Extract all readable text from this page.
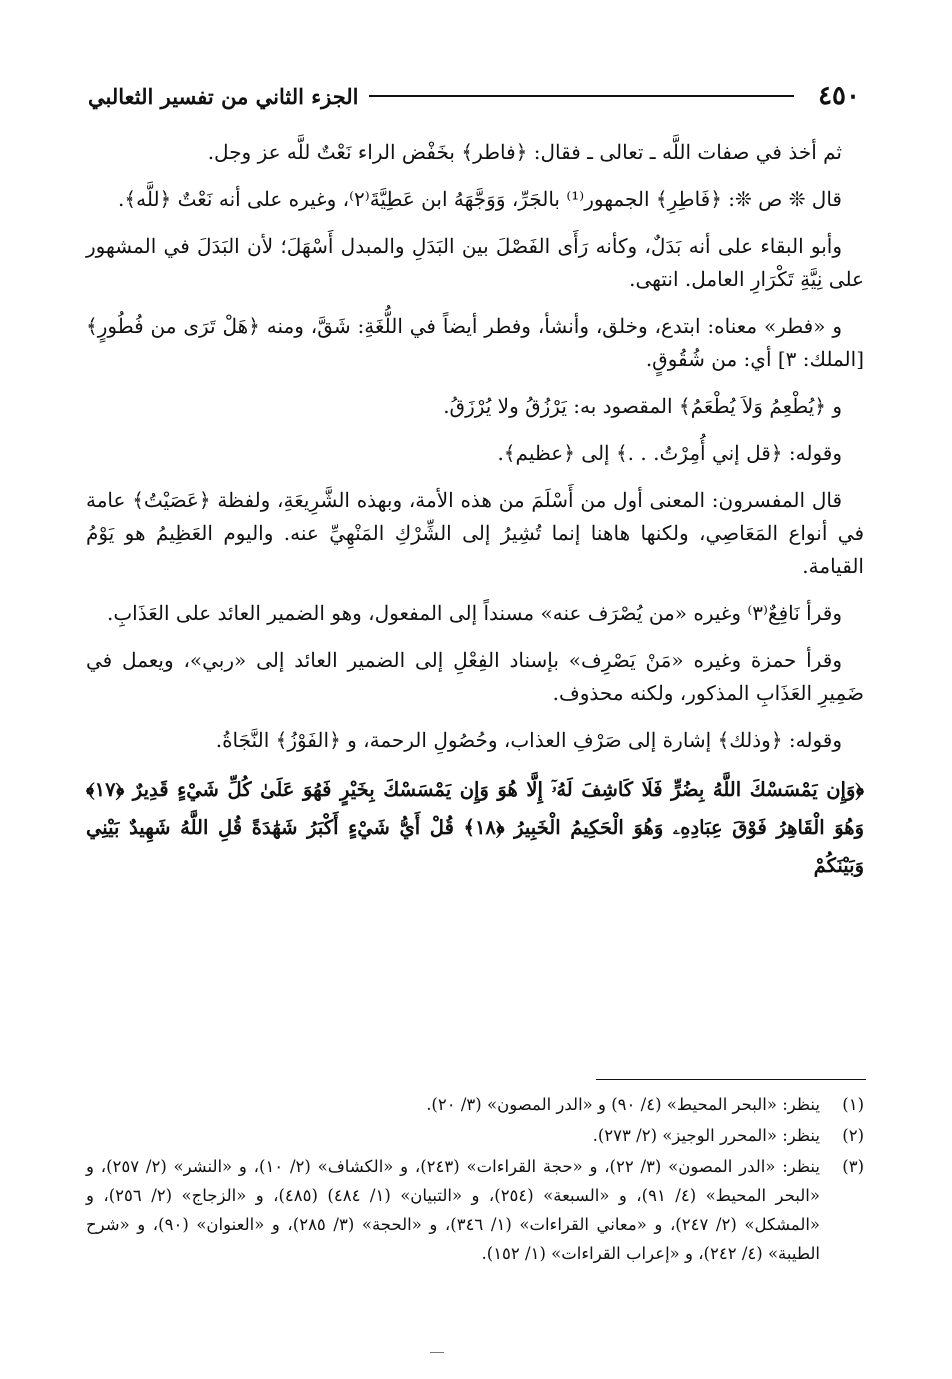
٤٥٠
الجزء الثاني من تفسير الثعالبي

ثم أخذ في صفات اللَّه ـ تعالى ـ فقال: ﴿فاطر﴾ بخَفْض الراء نَعْتٌ للَّه عز وجل.

قال ❊ ص ❊: ﴿فَاطِرِ﴾ الجمهور⁽¹⁾ بالجَرِّ، وَوَجَّهَهُ ابن عَطِيَّةَ⁽٢⁾، وغيره على أنه نَعْتٌ ﴿للَّه﴾.

وأبو البقاء على أنه بَدَلٌ، وكأنه رَأَى الفَصْلَ بين البَدَلِ والمبدل أَسْهَلَ؛ لأن البَدَلَ في المشهور على نِيَّةِ تَكْرَارِ العامل. انتهى.

و «فطر» معناه: ابتدع، وخلق، وأنشأ، وفطر أيضاً في اللُّغَةِ: شَقَّ، ومنه ﴿هَلْ تَرَى من فُطُورٍ﴾ [الملك: ٣] أي: من شُقُوقٍ.

و ﴿يُطْعِمُ وَلاَ يُطْعَمُ﴾ المقصود به: يَرْزُقُ ولا يُرْزَقُ.

وقوله: ﴿قل إني أُمِرْتُ. . .﴾ إلى ﴿عظيم﴾.

قال المفسرون: المعنى أول من أَسْلَمَ من هذه الأمة، وبهذه الشَّرِيعَةِ، ولفظة ﴿عَصَيْتُ﴾ عامة في أنواع المَعَاصِي، ولكنها هاهنا إنما تُشِيرُ إلى الشِّرْكِ المَنْهِيِّ عنه. واليوم العَظِيمُ هو يَوْمُ القيامة.

وقرأ نَافِعٌ⁽٣⁾ وغيره «من يُصْرَف عنه» مسنداً إلى المفعول، وهو الضمير العائد على العَذَابِ.

وقرأ حمزة وغيره «مَنْ يَصْرِف» بإسناد الفِعْلِ إلى الضمير العائد إلى «ربي»، ويعمل في ضَمِيرِ العَذَابِ المذكور، ولكنه محذوف.

وقوله: ﴿وذلك﴾ إشارة إلى صَرْفِ العذاب، وحُصُولِ الرحمة، و ﴿الفَوْزُ﴾ النَّجَاةُ.

﴿وَإِن يَمْسَسْكَ اللَّهُ بِضُرٍّ فَلَا كَاشِفَ لَهُۥٓ إِلَّا هُوَ وَإِن يَمْسَسْكَ بِخَيْرٍ فَهُوَ عَلَىٰ كُلِّ شَيْءٍ قَدِيرٌ ﴿١٧﴾ وَهُوَ الْقَاهِرُ فَوْقَ عِبَادِهِۦ وَهُوَ الْحَكِيمُ الْخَبِيرُ ﴿١٨﴾ قُلْ أَيُّ شَيْءٍ أَكْبَرُ شَهَٰدَةً قُلِ اللَّهُ شَهِيدٌ بَيْنِي وَبَيْنَكُمْ

(١)
ينظر: «البحر المحيط» (٤/ ٩٠) و «الدر المصون» (٣/ ٢٠).
(٢)
ينظر: «المحرر الوجيز» (٢/ ٢٧٣).
(٣)
ينظر: «الدر المصون» (٣/ ٢٢)، و «حجة القراءات» (٢٤٣)، و «الكشاف» (٢/ ١٠)، و «النشر» (٢/ ٢٥٧)، و «البحر المحيط» (٤/ ٩١)، و «السبعة» (٢٥٤)، و «التبيان» (١/ ٤٨٤) (٤٨٥)، و «الزجاج» (٢/ ٢٥٦)، و «المشكل» (٢/ ٢٤٧)، و «معاني القراءات» (١/ ٣٤٦)، و «الحجة» (٣/ ٢٨٥)، و «العنوان» (٩٠)، و «شرح الطيبة» (٤/ ٢٤٢)، و «إعراب القراءات» (١/ ١٥٢).
